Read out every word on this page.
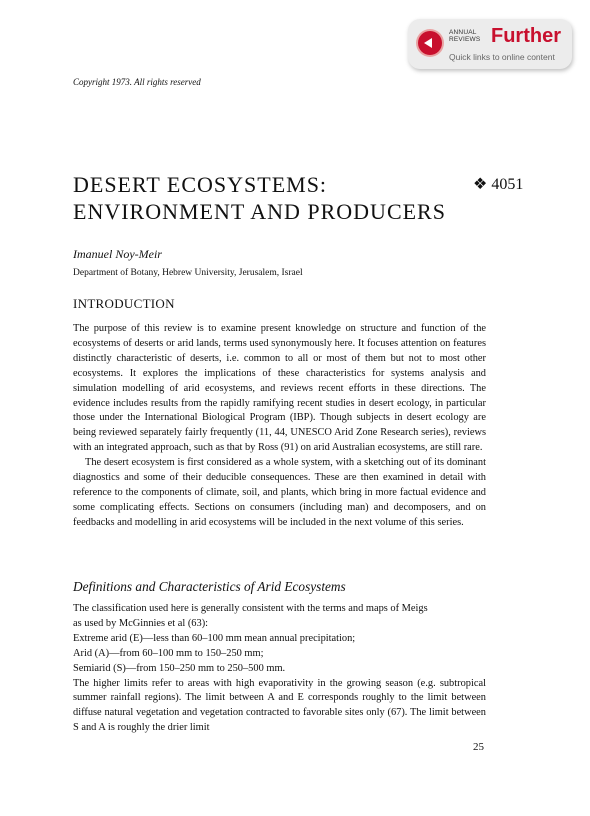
ANNUAL
REVIEWS Further
Quick links to online content
Copyright 1973. All rights reserved
DESERT ECOSYSTEMS:
ENVIRONMENT AND PRODUCERS
❖ 4051
Imanuel Noy-Meir
Department of Botany, Hebrew University, Jerusalem, Israel
INTRODUCTION

The purpose of this review is to examine present knowledge on structure and function of the ecosystems of deserts or arid lands, terms used synonymously here. It focuses attention on features distinctly characteristic of deserts, i.e. common to all or most of them but not to most other ecosystems. It explores the implications of these characteristics for systems analysis and simulation modelling of arid ecosystems, and reviews recent efforts in these directions. The evidence includes results from the rapidly ramifying recent studies in desert ecology, in particular those under the International Biological Program (IBP). Though subjects in desert ecology are being reviewed separately fairly frequently (11, 44, UNESCO Arid Zone Research series), reviews with an integrated approach, such as that by Ross (91) on arid Australian ecosystems, are still rare.

The desert ecosystem is first considered as a whole system, with a sketching out of its dominant diagnostics and some of their deducible consequences. These are then examined in detail with reference to the components of climate, soil, and plants, which bring in more factual evidence and some complicating effects. Sections on consumers (including man) and decomposers, and on feedbacks and modelling in arid ecosystems will be included in the next volume of this series.

Definitions and Characteristics of Arid Ecosystems
The classification used here is generally consistent with the terms and maps of Meigs
as used by McGinnies et al (63):
Extreme arid (E)—less than 60–100 mm mean annual precipitation;
Arid (A)—from 60–100 mm to 150–250 mm;
Semiarid (S)—from 150–250 mm to 250–500 mm.

The higher limits refer to areas with high evaporativity in the growing season (e.g. subtropical summer rainfall regions). The limit between A and E corresponds roughly to the limit between diffuse natural vegetation and vegetation contracted to favorable sites only (67). The limit between S and A is roughly the drier limit

25
